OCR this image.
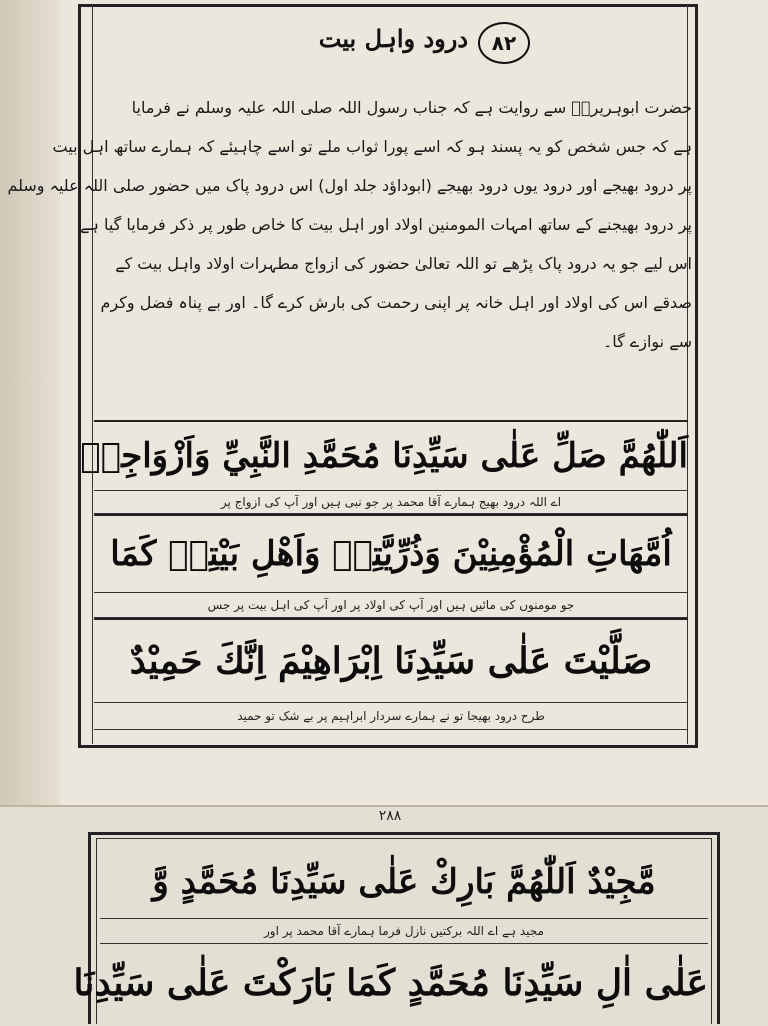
۸۲
درود واہل بیت
حضرت ابوہریرہؓ سے روایت ہے کہ جناب رسول اللہ صلی اللہ علیہ وسلم نے فرمایا
ہے کہ جس شخص کو یہ پسند ہو کہ اسے پورا ثواب ملے تو اسے چاہیئے کہ ہمارے ساتھ اہل بیت
پر درود بھیجے اور درود یوں درود بھیجے (ابوداؤد جلد اول) اس درود پاک میں حضور صلی اللہ علیہ وسلم
پر درود بھیجنے کے ساتھ امہات المومنین اولاد اور اہل بیت کا خاص طور پر ذکر فرمایا گیا ہے
اس لیے جو یہ درود پاک پڑھے تو اللہ تعالیٰ حضور کی ازواج مطہرات اولاد واہل بیت کے
صدقے اس کی اولاد اور اہل خانہ پر اپنی رحمت کی بارش کرے گا۔ اور بے پناہ فضل وکرم
سے نوازے گا۔
اَللّٰهُمَّ صَلِّ عَلٰى سَيِّدِنَا مُحَمَّدِ النَّبِيِّ وَاَزْوَاجِهٖ
اے اللہ درود بھیج ہمارے آقا محمد پر جو نبی ہیں اور آپ کی ازواج پر
اُمَّهَاتِ الْمُؤْمِنِيْنَ وَذُرِّيَّتِهٖ وَاَهْلِ بَيْتِهٖ كَمَا
جو مومنوں کی مائیں ہیں اور آپ کی اولاد پر اور آپ کی اہل بیت پر جس
صَلَّيْتَ عَلٰى سَيِّدِنَا اِبْرَاهِيْمَ اِنَّكَ حَمِيْدٌ
طرح درود بھیجا تو نے ہمارے سردار ابراہیم پر بے شک تو حمید
۲۸۸
مَّجِيْدٌ اَللّٰهُمَّ بَارِكْ عَلٰى سَيِّدِنَا مُحَمَّدٍ وَّ
مجید ہے اے اللہ برکتیں نازل فرما ہمارے آقا محمد پر اور
عَلٰى اٰلِ سَيِّدِنَا مُحَمَّدٍ كَمَا بَارَكْتَ عَلٰى سَيِّدِنَا
